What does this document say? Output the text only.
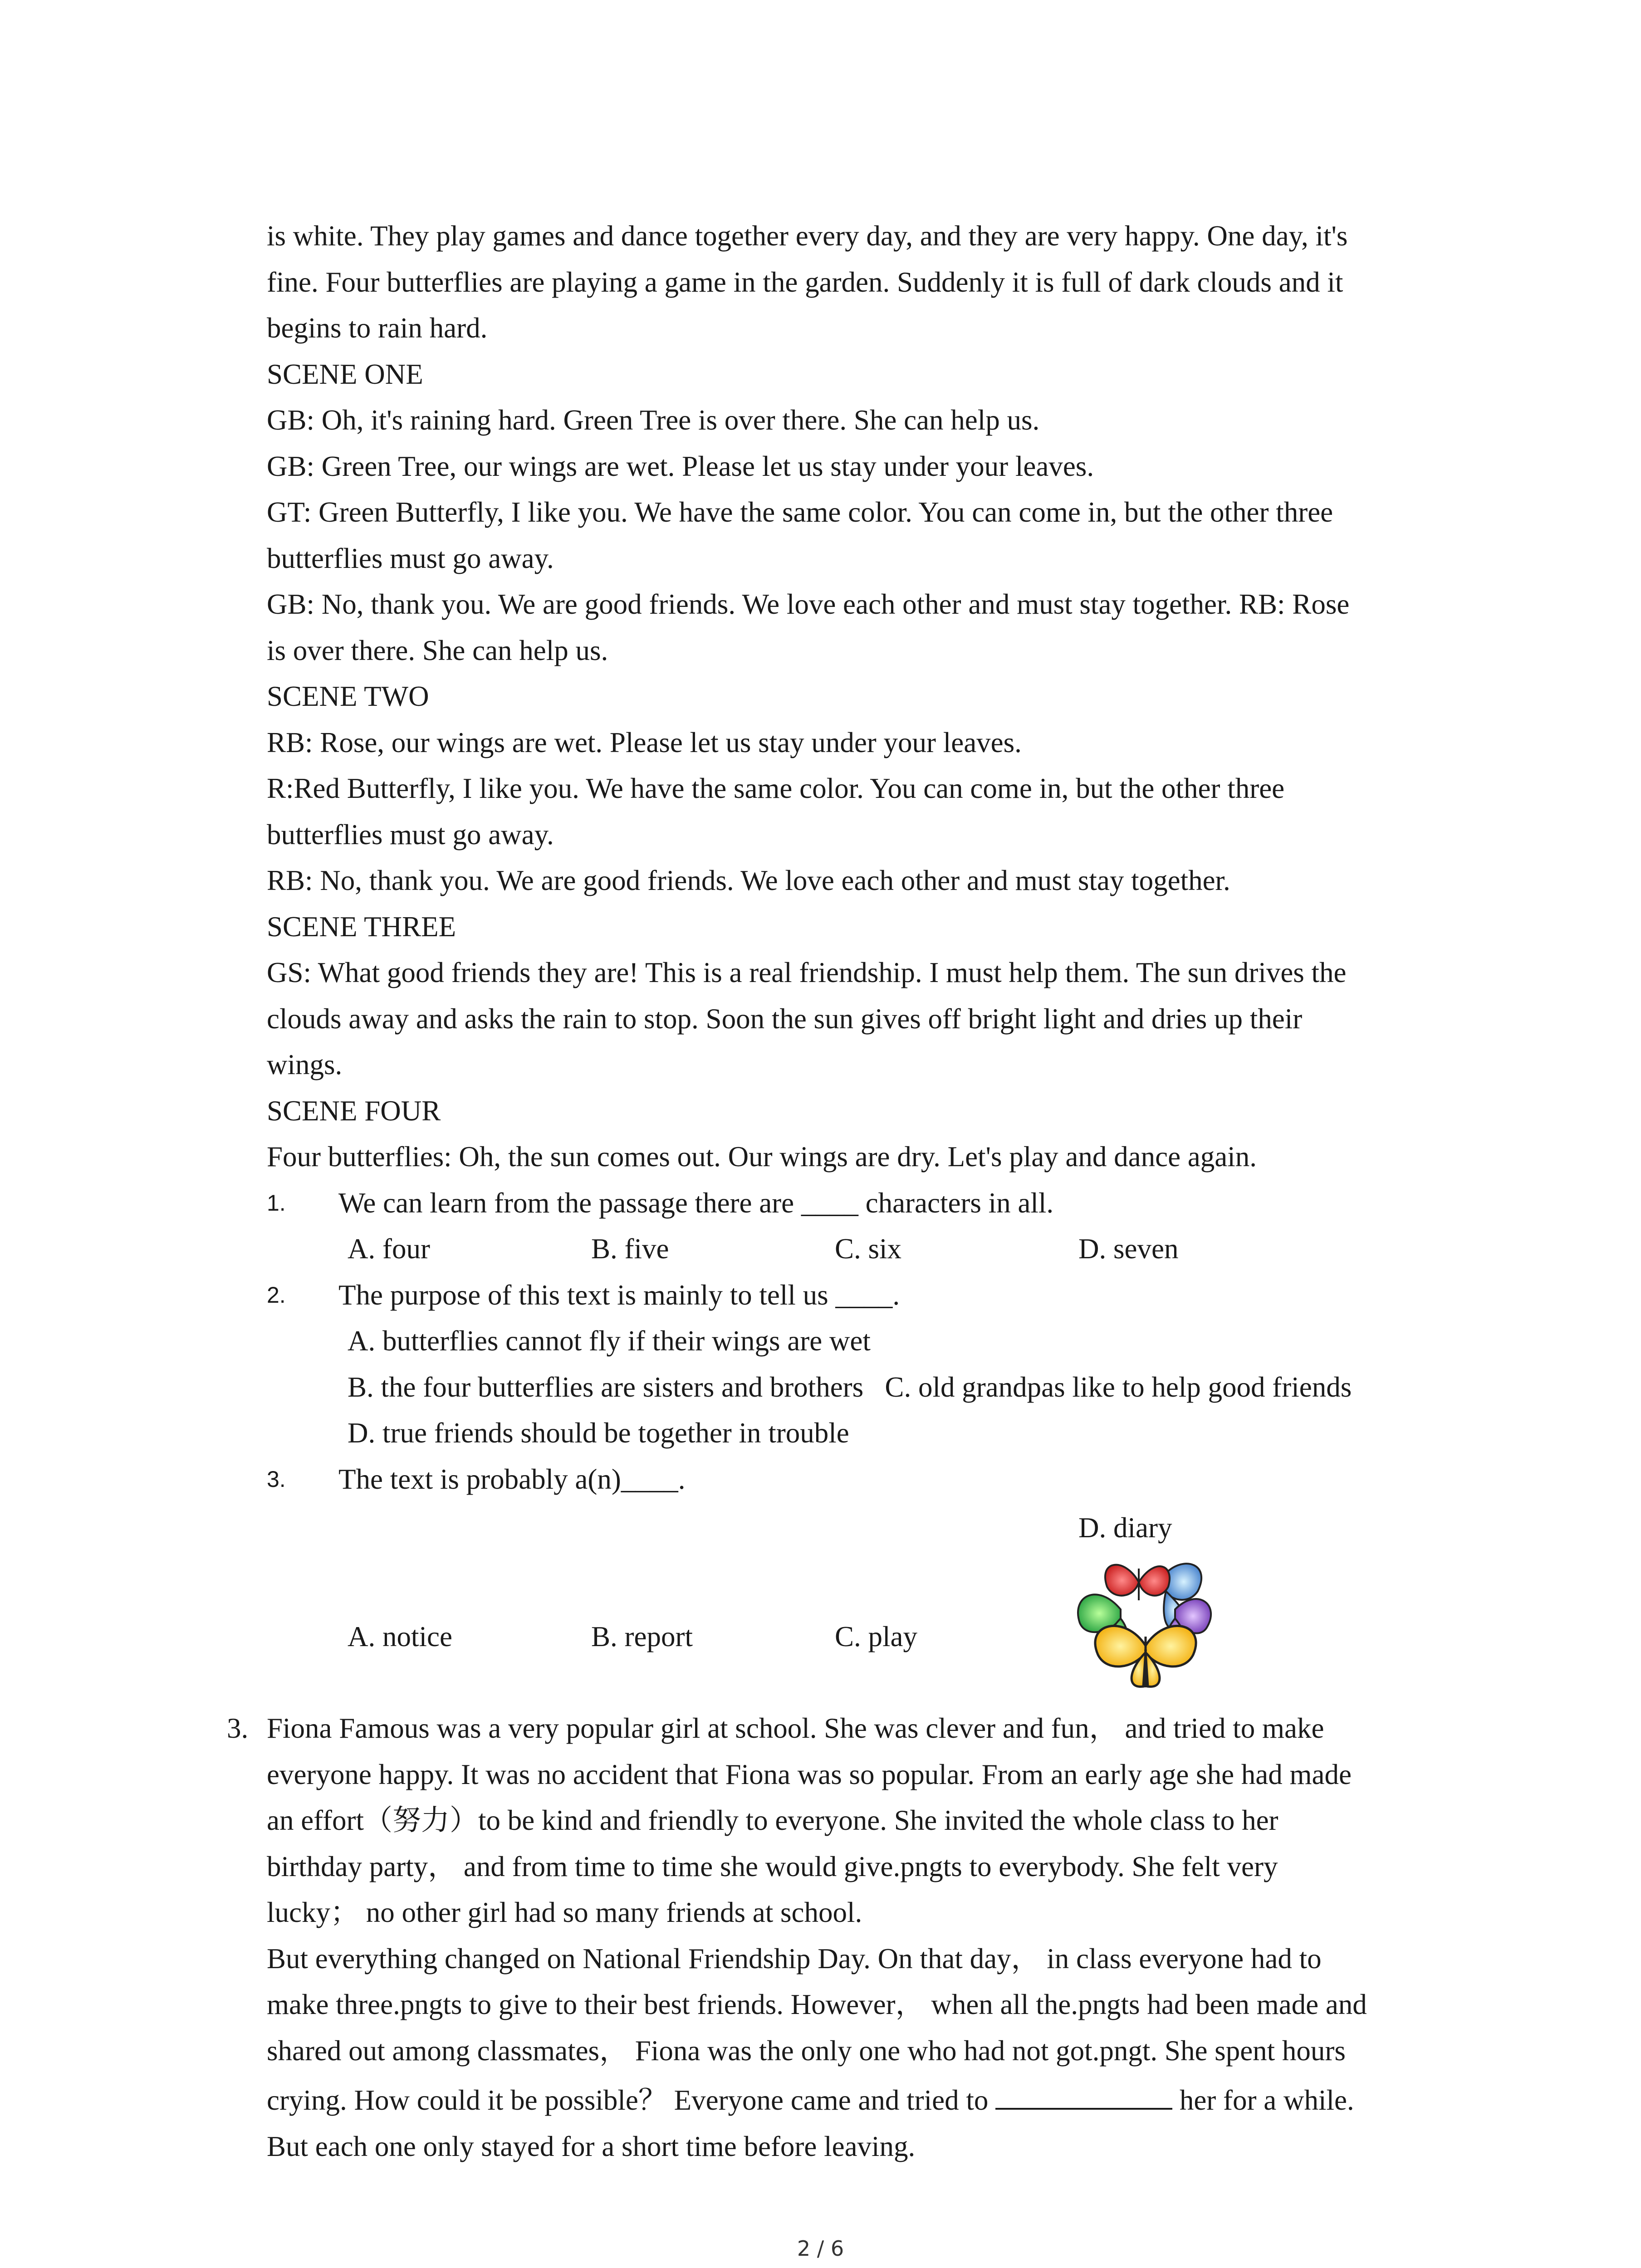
is white. They play games and dance together every day, and they are very happy. One day, it's
fine. Four butterflies are playing a game in the garden. Suddenly it is full of dark clouds and it
begins to rain hard.
SCENE ONE
GB: Oh, it's raining hard. Green Tree is over there. She can help us.
GB: Green Tree, our wings are wet. Please let us stay under your leaves.
GT: Green Butterfly, I like you. We have the same color. You can come in, but the other three
butterflies must go away.
GB: No, thank you. We are good friends. We love each other and must stay together. RB: Rose
is over there. She can help us.
SCENE TWO
RB: Rose, our wings are wet. Please let us stay under your leaves.
R:Red Butterfly, I like you. We have the same color. You can come in, but the other three
butterflies must go away.
RB: No, thank you. We are good friends. We love each other and must stay together.
SCENE THREE
GS: What good friends they are! This is a real friendship. I must help them. The sun drives the
clouds away and asks the rain to stop. Soon the sun gives off bright light and dries up their
wings.
SCENE FOUR
Four butterflies: Oh, the sun comes out. Our wings are dry. Let's play and dance again.
1.	We can learn from the passage there are ____ characters in all.
A. four	B. five	C. six	D. seven
2.	The purpose of this text is mainly to tell us ____.
A. butterflies cannot fly if their wings are wet
B. the four butterflies are sisters and brothers   C. old grandpas like to help good friends
D. true friends should be together in trouble
3.	The text is probably a(n)____.
A. notice	B. report	C. play
D. diary
3. Fiona Famous was a very popular girl at school. She was clever and fun， and tried to make
everyone happy. It was no accident that Fiona was so popular. From an early age she had made
an effort（努力）to be kind and friendly to everyone. She invited the whole class to her
birthday party， and from time to time she would give.pngts to everybody. She felt very
lucky； no other girl had so many friends at school.
But everything changed on National Friendship Day. On that day， in class everyone had to
make three.pngts to give to their best friends. However， when all the.pngts had been made and
shared out among classmates， Fiona was the only one who had not got.pngt. She spent hours
crying. How could it be possible？ Everyone came and tried to	her for a while.
But each one only stayed for a short time before leaving.
2 / 6
